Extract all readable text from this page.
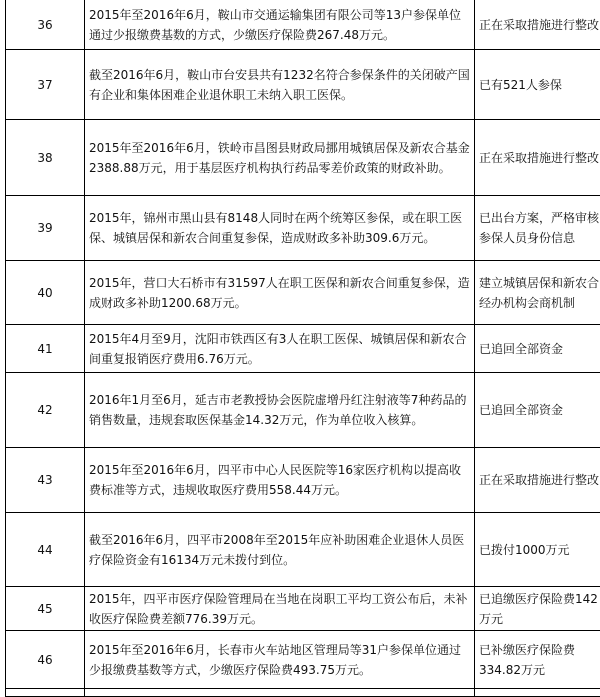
36	2015年至2016年6月，鞍山市交通运输集团有限公司等13户参保单位通过少报缴费基数的方式，少缴医疗保险费267.48万元。	正在采取措施进行整改
37	截至2016年6月，鞍山市台安县共有1232名符合参保条件的关闭破产国有企业和集体困难企业退休职工未纳入职工医保。	已有521人参保
38	2015年至2016年6月，铁岭市昌图县财政局挪用城镇居保及新农合基金2388.88万元，用于基层医疗机构执行药品零差价政策的财政补助。	正在采取措施进行整改
39	2015年，锦州市黑山县有8148人同时在两个统筹区参保，或在职工医保、城镇居保和新农合间重复参保，造成财政多补助309.6万元。	已出台方案，严格审核参保人员身份信息
40	2015年，营口大石桥市有31597人在职工医保和新农合间重复参保，造成财政多补助1200.68万元。	建立城镇居保和新农合经办机构会商机制
41	2015年4月至9月，沈阳市铁西区有3人在职工医保、城镇居保和新农合间重复报销医疗费用6.76万元。	已追回全部资金
42	2016年1月至6月，延吉市老教授协会医院虚增丹红注射液等7种药品的销售数量，违规套取医保基金14.32万元，作为单位收入核算。	已追回全部资金
43	2015年至2016年6月，四平市中心人民医院等16家医疗机构以提高收费标准等方式，违规收取医疗费用558.44万元。	正在采取措施进行整改
44	截至2016年6月，四平市2008年至2015年应补助困难企业退休人员医疗保险资金有16134万元未拨付到位。	已拨付1000万元
45	2015年，四平市医疗保险管理局在当地在岗职工平均工资公布后，未补收医疗保险费差额776.39万元。	已追缴医疗保险费142万元
46	2015年至2016年6月，长春市火车站地区管理局等31户参保单位通过少报缴费基数等方式，少缴医疗保险费493.75万元。	已补缴医疗保险费334.82万元
